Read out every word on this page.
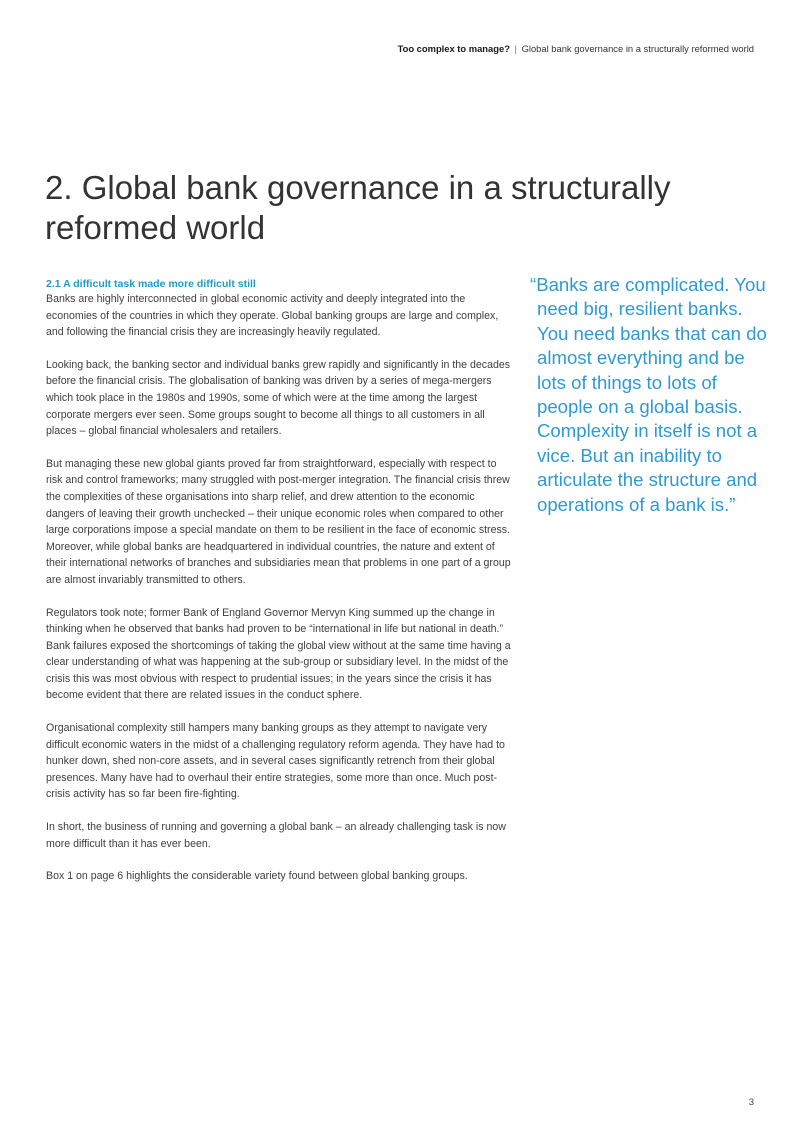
Too complex to manage? | Global bank governance in a structurally reformed world
2. Global bank governance in a structurally reformed world
2.1 A difficult task made more difficult still

Banks are highly interconnected in global economic activity and deeply integrated into the economies of the countries in which they operate. Global banking groups are large and complex, and following the financial crisis they are increasingly heavily regulated.

Looking back, the banking sector and individual banks grew rapidly and significantly in the decades before the financial crisis. The globalisation of banking was driven by a series of mega-mergers which took place in the 1980s and 1990s, some of which were at the time among the largest corporate mergers ever seen. Some groups sought to become all things to all customers in all places – global financial wholesalers and retailers.

But managing these new global giants proved far from straightforward, especially with respect to risk and control frameworks; many struggled with post-merger integration. The financial crisis threw the complexities of these organisations into sharp relief, and drew attention to the economic dangers of leaving their growth unchecked – their unique economic roles when compared to other large corporations impose a special mandate on them to be resilient in the face of economic stress. Moreover, while global banks are headquartered in individual countries, the nature and extent of their international networks of branches and subsidiaries mean that problems in one part of a group are almost invariably transmitted to others.

Regulators took note; former Bank of England Governor Mervyn King summed up the change in thinking when he observed that banks had proven to be “international in life but national in death.” Bank failures exposed the shortcomings of taking the global view without at the same time having a clear understanding of what was happening at the sub-group or subsidiary level. In the midst of the crisis this was most obvious with respect to prudential issues; in the years since the crisis it has become evident that there are related issues in the conduct sphere.

Organisational complexity still hampers many banking groups as they attempt to navigate very difficult economic waters in the midst of a challenging regulatory reform agenda. They have had to hunker down, shed non-core assets, and in several cases significantly retrench from their global presences. Many have had to overhaul their entire strategies, some more than once. Much post-crisis activity has so far been fire-fighting.

In short, the business of running and governing a global bank – an already challenging task is now more difficult than it has ever been.

Box 1 on page 6 highlights the considerable variety found between global banking groups.

“Banks are complicated. You need big, resilient banks. You need banks that can do almost everything and be lots of things to lots of people on a global basis. Complexity in itself is not a vice. But an inability to articulate the structure and operations of a bank is.”
3
